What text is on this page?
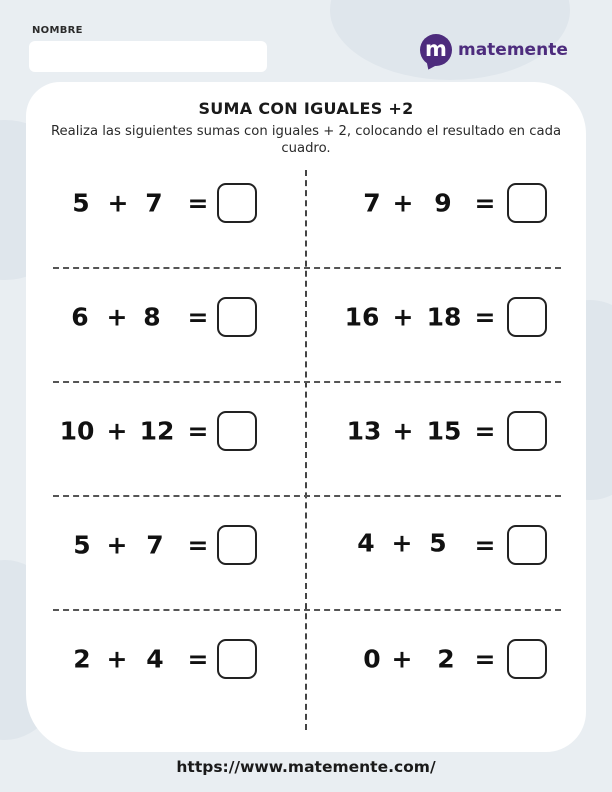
NOMBRE
m matemente
SUMA CON IGUALES +2
Realiza las siguientes sumas con iguales + 2, colocando el resultado en cada cuadro.
5 + 7 =	7 + 9 =
6 + 8 =	16 + 18 =
10 + 12 =	13 + 15 =
5 + 7 =	4 + 5 =
2 + 4 =	0 + 2 =
https://www.matemente.com/
